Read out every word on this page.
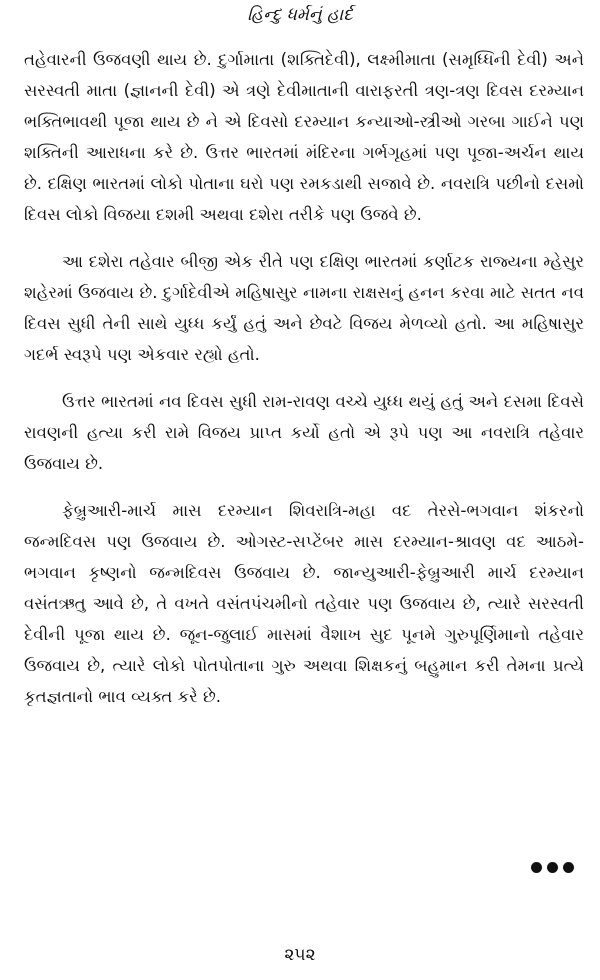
હિન્દુ ધર્મનું હાર્દ

તહેવારની ઉજવણી થાય છે. દુર્ગામાતા (શક્તિદેવી), લક્ષ્મીમાતા (સમૃધ્ધિની દેવી) અને સરસ્વતી માતા (જ્ઞાનની દેવી) એ ત્રણે દેવીમાતાની વારાફરતી ત્રણ-ત્રણ દિવસ દરમ્યાન ભક્તિભાવથી પૂજા થાય છે ને એ દિવસો દરમ્યાન કન્યાઓ-સ્ત્રીઓ ગરબા ગાઈને પણ શક્તિની આરાધના કરે છે. ઉત્તર ભારતમાં મંદિરના ગર્ભગૃહમાં પણ પૂજા-અર્ચન થાય છે. દક્ષિણ ભારતમાં લોકો પોતાના ઘરો પણ રમકડાથી સજાવે છે. નવરાત્રિ પછીનો દસમો દિવસ લોકો વિજયા દશમી અથવા દશેરા તરીકે પણ ઉજવે છે.

આ દશેરા તહેવાર બીજી એક રીતે પણ દક્ષિણ ભારતમાં કર્ણાટક રાજ્યના મ્હેસુર શહેરમાં ઉજવાય છે. દુર્ગાદેવીએ મહિષાસુર નામના રાક્ષસનું હનન કરવા માટે સતત નવ દિવસ સુધી તેની સાથે યુધ્ધ કર્યું હતું અને છેવટે વિજય મેળવ્યો હતો. આ મહિષાસુર ગદર્ભ સ્વરૂપે પણ એકવાર રહ્યો હતો.

ઉત્તર ભારતમાં નવ દિવસ સુધી રામ-રાવણ વચ્ચે યુધ્ધ થયું હતું અને દસમા દિવસે રાવણની હત્યા કરી રામે વિજય પ્રાપ્ત કર્યો હતો એ રૂપે પણ આ નવરાત્રિ તહેવાર ઉજવાય છે.

ફેબ્રુઆરી-માર્ચ માસ દરમ્યાન શિવરાત્રિ-મહા વદ તેરસે-ભગવાન શંકરનો જન્મદિવસ પણ ઉજવાય છે. ઓગસ્ટ-સપ્ટેંબર માસ દરમ્યાન-શ્રાવણ વદ આઠમે-ભગવાન કૃષ્ણનો જન્મદિવસ ઉજવાય છે. જાન્યુઆરી-ફેબ્રુઆરી માર્ચ દરમ્યાન વસંતઋતુ આવે છે, તે વખતે વસંતપંચમીનો તહેવાર પણ ઉજવાય છે, ત્યારે સરસ્વતી દેવીની પૂજા થાય છે. જૂન-જુલાઈ માસમાં વૈશાખ સુદ પૂનમે ગુરુપૂર્ણિમાનો તહેવાર ઉજવાય છે, ત્યારે લોકો પોતપોતાના ગુરુ અથવા શિક્ષકનું બહુમાન કરી તેમના પ્રત્યે કૃતજ્ઞતાનો ભાવ વ્યક્ત કરે છે.

૨૫૨
